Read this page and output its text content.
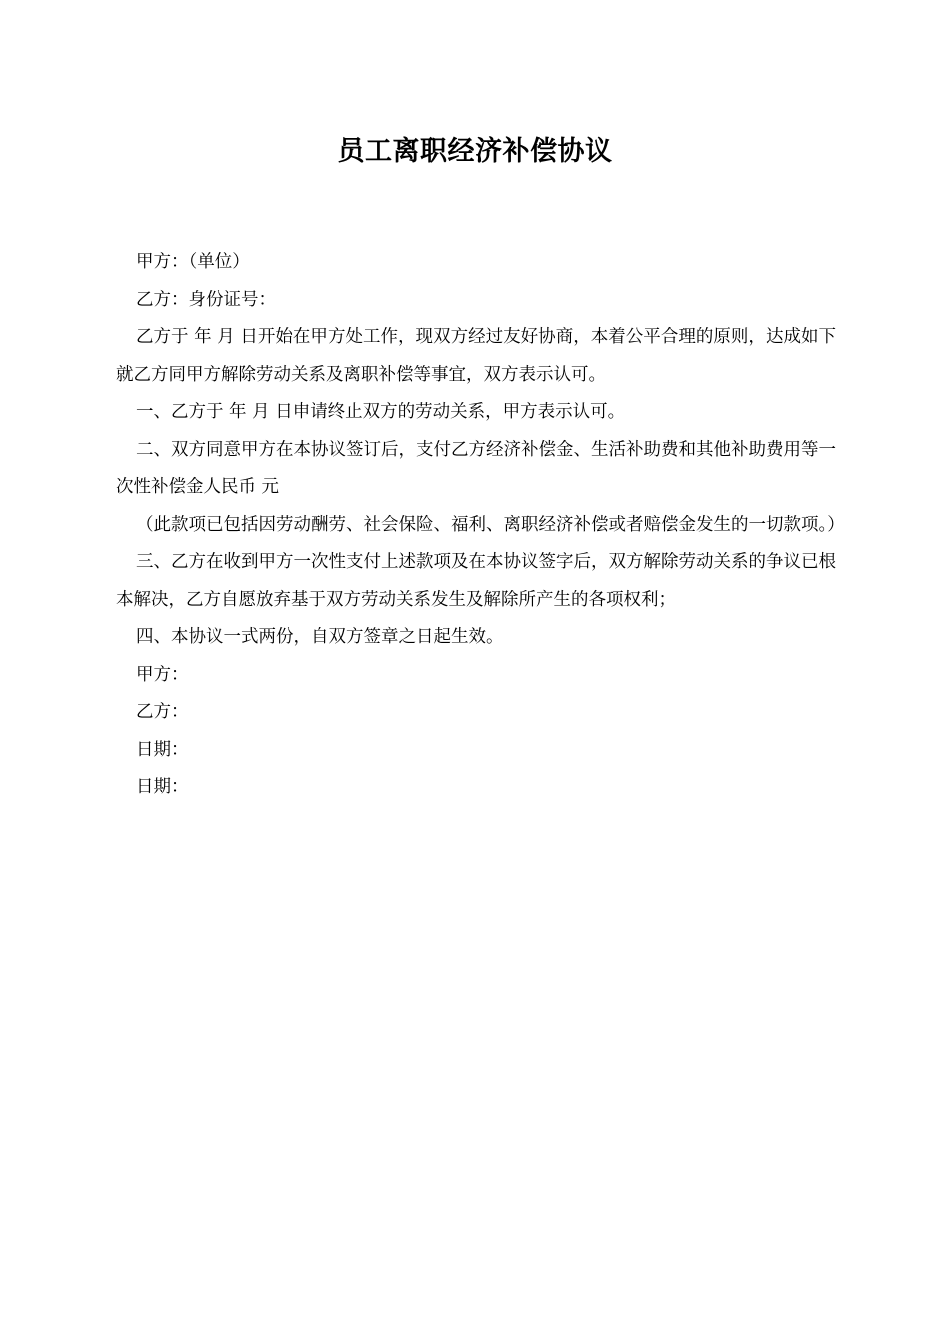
员工离职经济补偿协议

甲方：（单位）

乙方：身份证号：

乙方于 年 月 日开始在甲方处工作，现双方经过友好协商，本着公平合理的原则，达成如下就乙方同甲方解除劳动关系及离职补偿等事宜，双方表示认可。

一、乙方于 年 月 日申请终止双方的劳动关系，甲方表示认可。

二、双方同意甲方在本协议签订后，支付乙方经济补偿金、生活补助费和其他补助费用等一次性补偿金人民币 元

（此款项已包括因劳动酬劳、社会保险、福利、离职经济补偿或者赔偿金发生的一切款项。）

三、乙方在收到甲方一次性支付上述款项及在本协议签字后，双方解除劳动关系的争议已根本解决，乙方自愿放弃基于双方劳动关系发生及解除所产生的各项权利；

四、本协议一式两份，自双方签章之日起生效。

甲方：

乙方：

日期：

日期：
